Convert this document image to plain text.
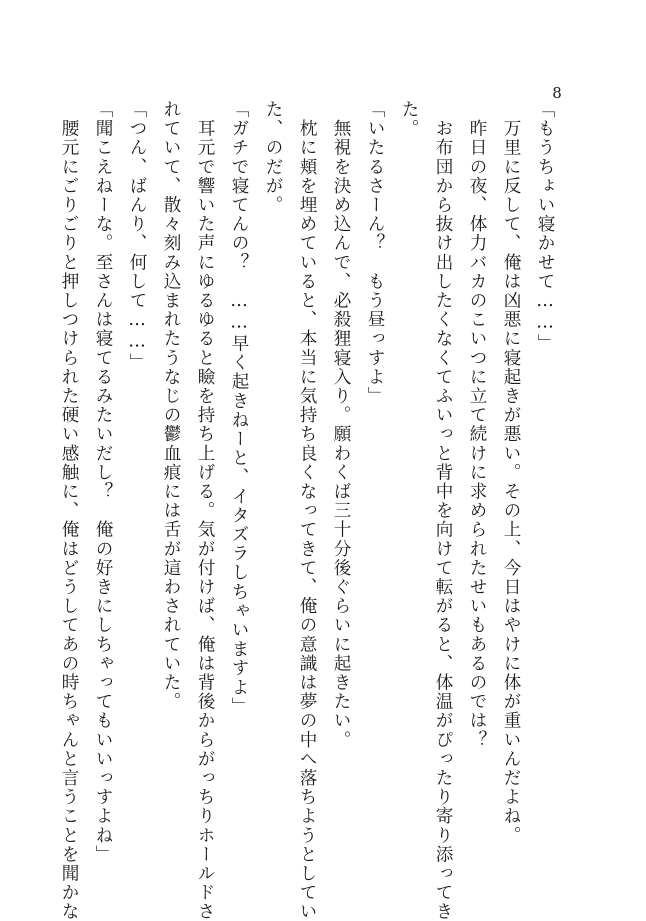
8
「もうちょい寝かせて……」
　万里に反して、俺は凶悪に寝起きが悪い。その上、今日はやけに体が重いんだよね。
　昨日の夜、体力バカのこいつに立て続けに求められたせいもあるのでは？
　お布団から抜け出したくなくてふいっと背中を向けて転がると、体温がぴったり寄り添ってき
た。
「いたるさーん？　もう昼っすよ」
　無視を決め込んで、必殺狸寝入り。願わくば三十分後ぐらいに起きたい。
　枕に頬を埋めていると、本当に気持ち良くなってきて、俺の意識は夢の中へ落ちようとしてい
た、のだが。
「ガチで寝てんの？　……早く起きねーと、イタズラしちゃいますよ」
　耳元で響いた声にゆるゆると瞼を持ち上げる。気が付けば、俺は背後からがっちりホールドさ
れていて、散々刻み込まれたうなじの鬱血痕には舌が這わされていた。
「つん、ばんり、何して……」
「聞こえねーな。至さんは寝てるみたいだし？　俺の好きにしちゃってもいいっすよね」
　腰元にごりごりと押しつけられた硬い感触に、俺はどうしてあの時ちゃんと言うことを聞かな
